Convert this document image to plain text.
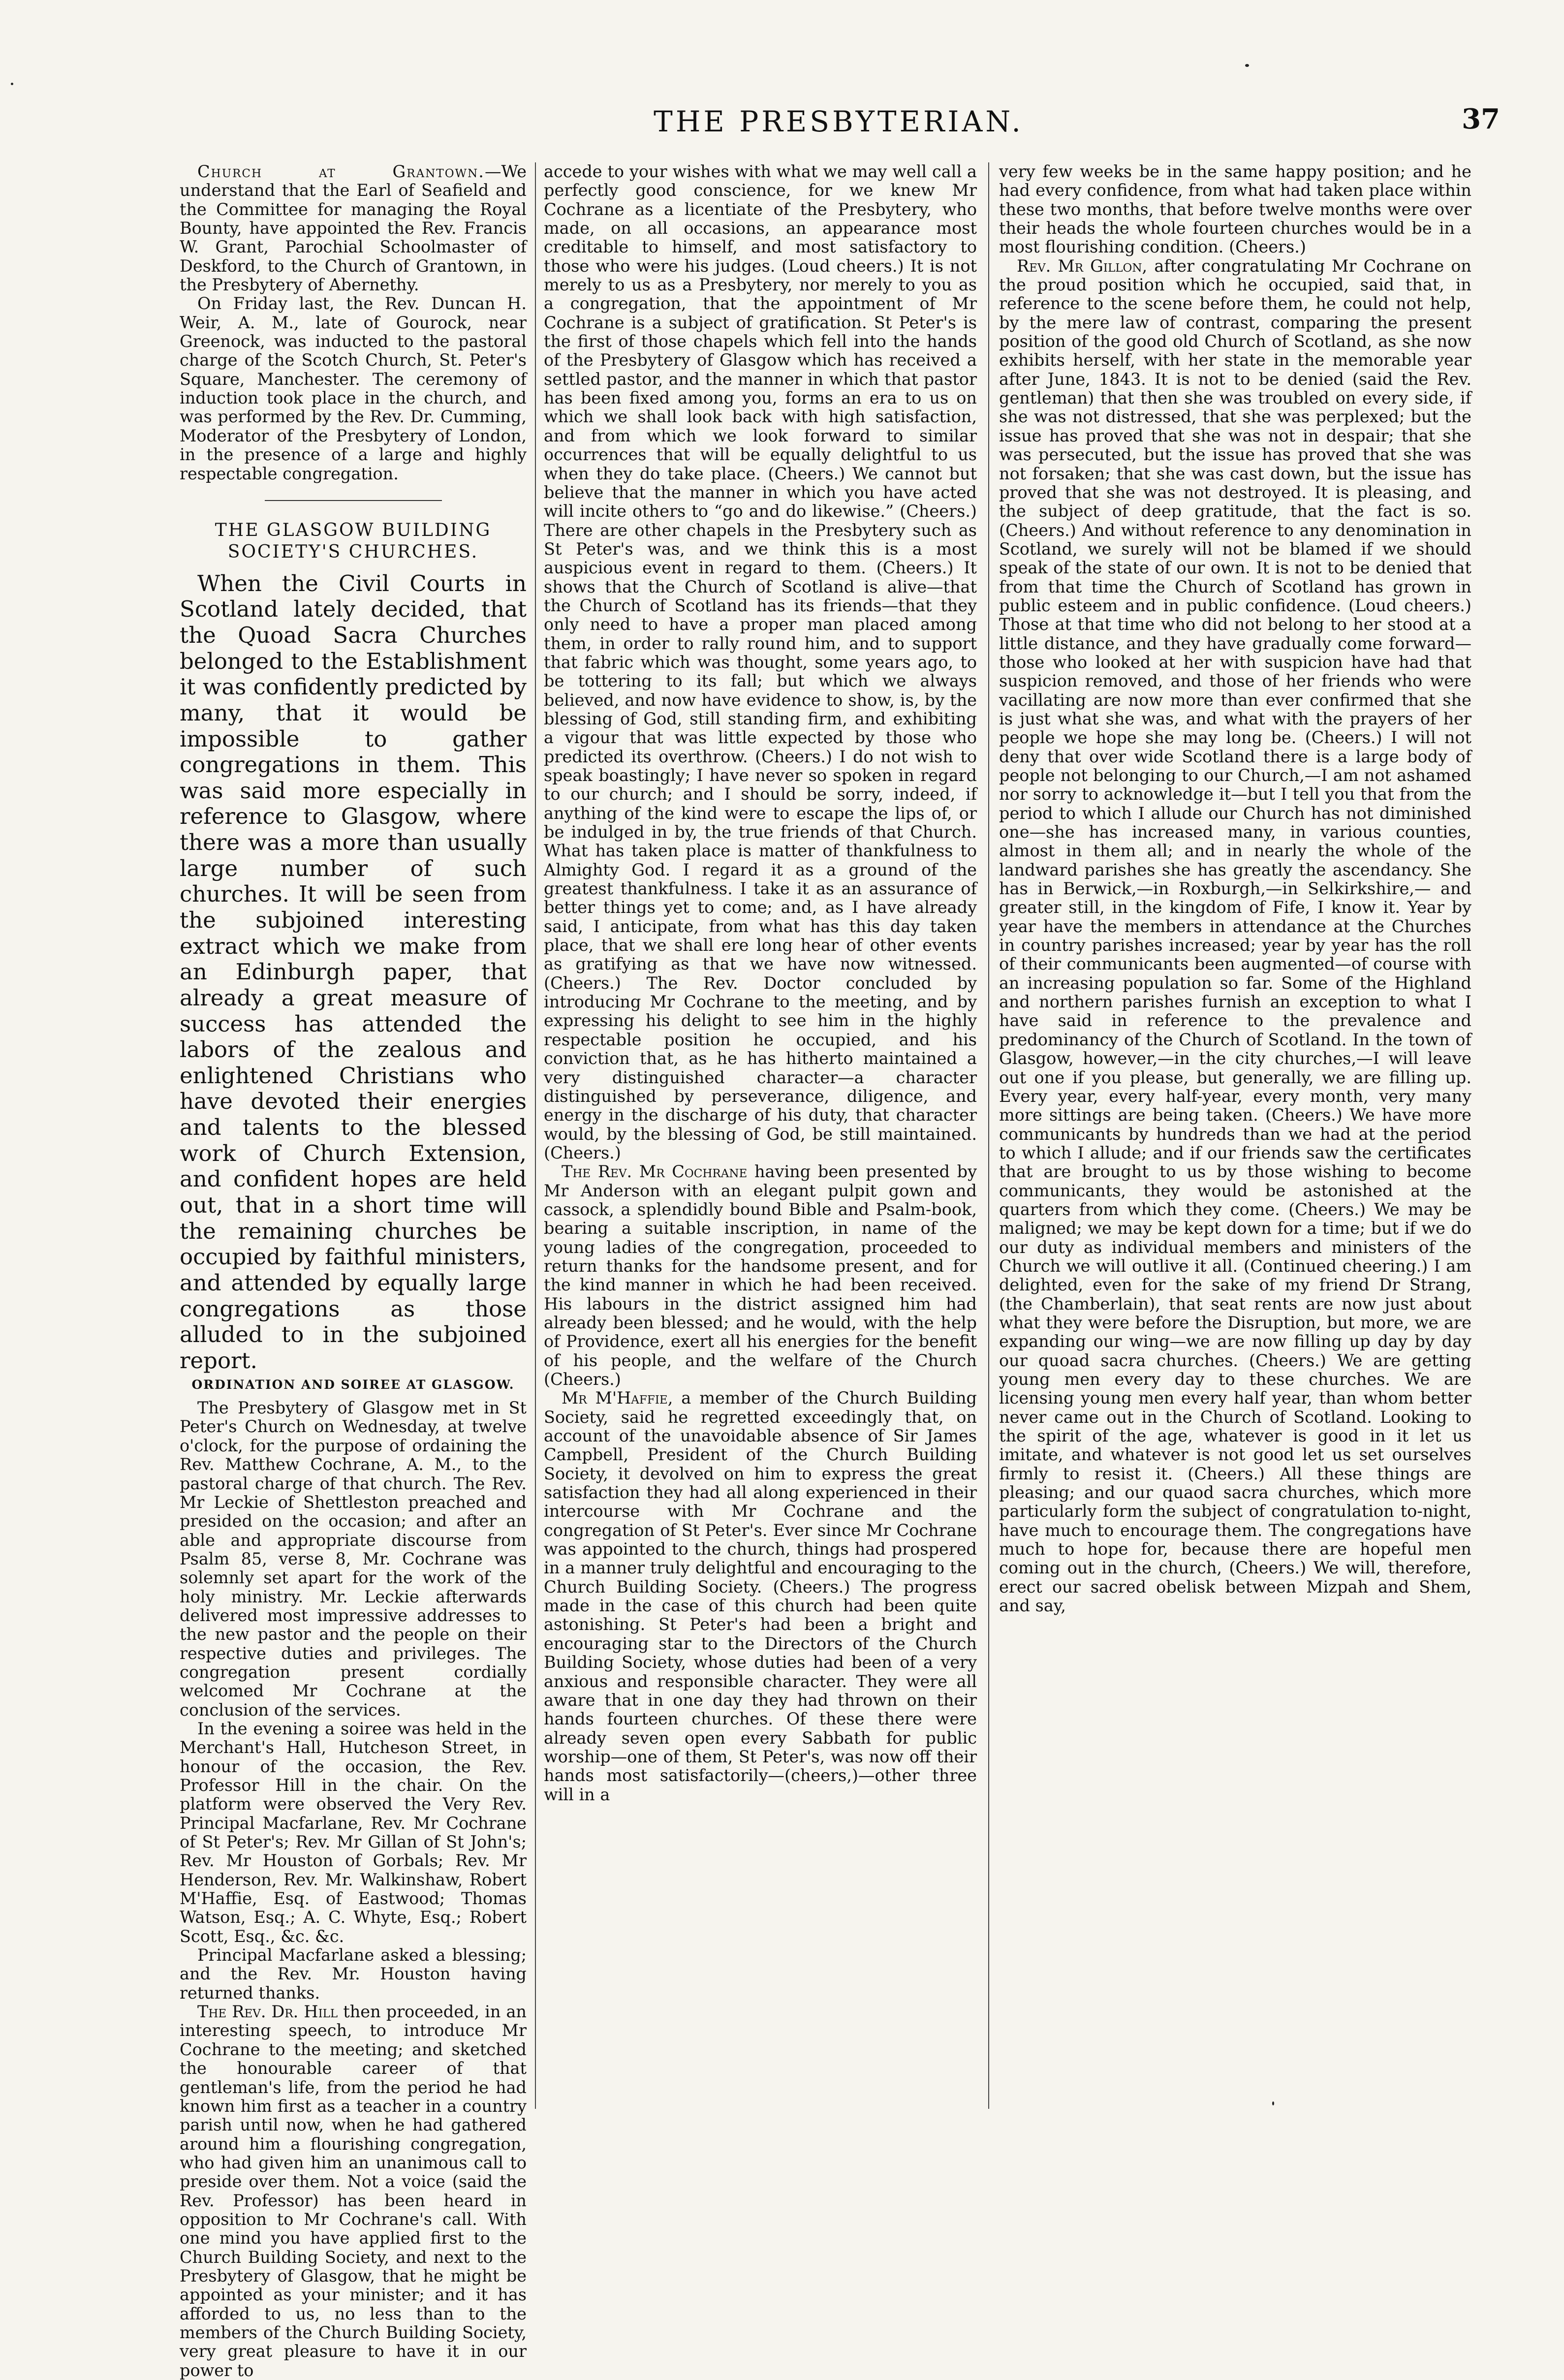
THE PRESBYTERIAN.	37

Church at Grantown.—We understand that the Earl of Seafield and the Committee for managing the Royal Bounty, have appointed the Rev. Francis W. Grant, Parochial Schoolmaster of Deskford, to the Church of Grantown, in the Presbytery of Abernethy.

On Friday last, the Rev. Duncan H. Weir, A. M., late of Gourock, near Greenock, was inducted to the pastoral charge of the Scotch Church, St. Peter's Square, Manchester. The ceremony of induction took place in the church, and was performed by the Rev. Dr. Cumming, Moderator of the Presbytery of London, in the presence of a large and highly respectable congregation.

THE GLASGOW BUILDING SOCIETY'S CHURCHES.

When the Civil Courts in Scotland lately decided, that the Quoad Sacra Churches belonged to the Establishment it was confidently predicted by many, that it would be impossible to gather congregations in them. This was said more especially in reference to Glasgow, where there was a more than usually large number of such churches. It will be seen from the subjoined interesting extract which we make from an Edinburgh paper, that already a great measure of success has attended the labors of the zealous and enlightened Christians who have devoted their energies and talents to the blessed work of Church Extension, and confident hopes are held out, that in a short time will the remaining churches be occupied by faithful ministers, and attended by equally large congregations as those alluded to in the subjoined report.

ORDINATION AND SOIREE AT GLASGOW.

The Presbytery of Glasgow met in St Peter's Church on Wednesday, at twelve o'clock, for the purpose of ordaining the Rev. Matthew Cochrane, A. M., to the pastoral charge of that church. The Rev. Mr Leckie of Shettleston preached and presided on the occasion; and after an able and appropriate discourse from Psalm 85, verse 8, Mr. Cochrane was solemnly set apart for the work of the holy ministry. Mr. Leckie afterwards delivered most impressive addresses to the new pastor and the people on their respective duties and privileges. The congregation present cordially welcomed Mr Cochrane at the conclusion of the services.

In the evening a soiree was held in the Merchant's Hall, Hutcheson Street, in honour of the occasion, the Rev. Professor Hill in the chair. On the platform were observed the Very Rev. Principal Macfarlane, Rev. Mr Cochrane of St Peter's; Rev. Mr Gillan of St John's; Rev. Mr Houston of Gorbals; Rev. Mr Henderson, Rev. Mr. Walkinshaw, Robert M'Haffie, Esq. of Eastwood; Thomas Watson, Esq.; A. C. Whyte, Esq.; Robert Scott, Esq., &c. &c.

Principal Macfarlane asked a blessing; and the Rev. Mr. Houston having returned thanks.

The Rev. Dr. Hill then proceeded, in an interesting speech, to introduce Mr Cochrane to the meeting; and sketched the honourable career of that gentleman's life, from the period he had known him first as a teacher in a country parish until now, when he had gathered around him a flourishing congregation, who had given him an unanimous call to preside over them. Not a voice (said the Rev. Professor) has been heard in opposition to Mr Cochrane's call. With one mind you have applied first to the Church Building Society, and next to the Presbytery of Glasgow, that he might be appointed as your minister; and it has afforded to us, no less than to the members of the Church Building Society, very great pleasure to have it in our power to

accede to your wishes with what we may well call a perfectly good conscience, for we knew Mr Cochrane as a licentiate of the Presbytery, who made, on all occasions, an appearance most creditable to himself, and most satisfactory to those who were his judges. (Loud cheers.) It is not merely to us as a Presbytery, nor merely to you as a congregation, that the appointment of Mr Cochrane is a subject of gratification. St Peter's is the first of those chapels which fell into the hands of the Presbytery of Glasgow which has received a settled pastor, and the manner in which that pastor has been fixed among you, forms an era to us on which we shall look back with high satisfaction, and from which we look forward to similar occurrences that will be equally delightful to us when they do take place. (Cheers.) We cannot but believe that the manner in which you have acted will incite others to “go and do likewise.” (Cheers.) There are other chapels in the Presbytery such as St Peter's was, and we think this is a most auspicious event in regard to them. (Cheers.) It shows that the Church of Scotland is alive—that the Church of Scotland has its friends—that they only need to have a proper man placed among them, in order to rally round him, and to support that fabric which was thought, some years ago, to be tottering to its fall; but which we always believed, and now have evidence to show, is, by the blessing of God, still standing firm, and exhibiting a vigour that was little expected by those who predicted its overthrow. (Cheers.) I do not wish to speak boastingly; I have never so spoken in regard to our church; and I should be sorry, indeed, if anything of the kind were to escape the lips of, or be indulged in by, the true friends of that Church. What has taken place is matter of thankfulness to Almighty God. I regard it as a ground of the greatest thankfulness. I take it as an assurance of better things yet to come; and, as I have already said, I anticipate, from what has this day taken place, that we shall ere long hear of other events as gratifying as that we have now witnessed. (Cheers.) The Rev. Doctor concluded by introducing Mr Cochrane to the meeting, and by expressing his delight to see him in the highly respectable position he occupied, and his conviction that, as he has hitherto maintained a very distinguished character—a character distinguished by perseverance, diligence, and energy in the discharge of his duty, that character would, by the blessing of God, be still maintained. (Cheers.)

The Rev. Mr Cochrane having been presented by Mr Anderson with an elegant pulpit gown and cassock, a splendidly bound Bible and Psalm-book, bearing a suitable inscription, in name of the young ladies of the congregation, proceeded to return thanks for the handsome present, and for the kind manner in which he had been received. His labours in the district assigned him had already been blessed; and he would, with the help of Providence, exert all his energies for the benefit of his people, and the welfare of the Church (Cheers.)

Mr M'Haffie, a member of the Church Building Society, said he regretted exceedingly that, on account of the unavoidable absence of Sir James Campbell, President of the Church Building Society, it devolved on him to express the great satisfaction they had all along experienced in their intercourse with Mr Cochrane and the congregation of St Peter's. Ever since Mr Cochrane was appointed to the church, things had prospered in a manner truly delightful and encouraging to the Church Building Society. (Cheers.) The progress made in the case of this church had been quite astonishing. St Peter's had been a bright and encouraging star to the Directors of the Church Building Society, whose duties had been of a very anxious and responsible character. They were all aware that in one day they had thrown on their hands fourteen churches. Of these there were already seven open every Sabbath for public worship—one of them, St Peter's, was now off their hands most satisfactorily—(cheers,)—other three will in a

very few weeks be in the same happy position; and he had every confidence, from what had taken place within these two months, that before twelve months were over their heads the whole fourteen churches would be in a most flourishing condition. (Cheers.)

Rev. Mr Gillon, after congratulating Mr Cochrane on the proud position which he occupied, said that, in reference to the scene before them, he could not help, by the mere law of contrast, comparing the present position of the good old Church of Scotland, as she now exhibits herself, with her state in the memorable year after June, 1843. It is not to be denied (said the Rev. gentleman) that then she was troubled on every side, if she was not distressed, that she was perplexed; but the issue has proved that she was not in despair; that she was persecuted, but the issue has proved that she was not forsaken; that she was cast down, but the issue has proved that she was not destroyed. It is pleasing, and the subject of deep gratitude, that the fact is so. (Cheers.) And without reference to any denomination in Scotland, we surely will not be blamed if we should speak of the state of our own. It is not to be denied that from that time the Church of Scotland has grown in public esteem and in public confidence. (Loud cheers.) Those at that time who did not belong to her stood at a little distance, and they have gradually come forward—those who looked at her with suspicion have had that suspicion removed, and those of her friends who were vacillating are now more than ever confirmed that she is just what she was, and what with the prayers of her people we hope she may long be. (Cheers.) I will not deny that over wide Scotland there is a large body of people not belonging to our Church,—I am not ashamed nor sorry to acknowledge it—but I tell you that from the period to which I allude our Church has not diminished one—she has increased many, in various counties, almost in them all; and in nearly the whole of the landward parishes she has greatly the ascendancy. She has in Berwick,—in Roxburgh,—in Selkirkshire,— and greater still, in the kingdom of Fife, I know it. Year by year have the members in attendance at the Churches in country parishes increased; year by year has the roll of their communicants been augmented—of course with an increasing population so far. Some of the Highland and northern parishes furnish an exception to what I have said in reference to the prevalence and predominancy of the Church of Scotland. In the town of Glasgow, however,—in the city churches,—I will leave out one if you please, but generally, we are filling up. Every year, every half-year, every month, very many more sittings are being taken. (Cheers.) We have more communicants by hundreds than we had at the period to which I allude; and if our friends saw the certificates that are brought to us by those wishing to become communicants, they would be astonished at the quarters from which they come. (Cheers.) We may be maligned; we may be kept down for a time; but if we do our duty as individual members and ministers of the Church we will outlive it all. (Continued cheering.) I am delighted, even for the sake of my friend Dr Strang, (the Chamberlain), that seat rents are now just about what they were before the Disruption, but more, we are expanding our wing—we are now filling up day by day our quoad sacra churches. (Cheers.) We are getting young men every day to these churches. We are licensing young men every half year, than whom better never came out in the Church of Scotland. Looking to the spirit of the age, whatever is good in it let us imitate, and whatever is not good let us set ourselves firmly to resist it. (Cheers.) All these things are pleasing; and our quaod sacra churches, which more particularly form the subject of congratulation to-night, have much to encourage them. The congregations have much to hope for, because there are hopeful men coming out in the church, (Cheers.) We will, therefore, erect our sacred obelisk between Mizpah and Shem, and say,
